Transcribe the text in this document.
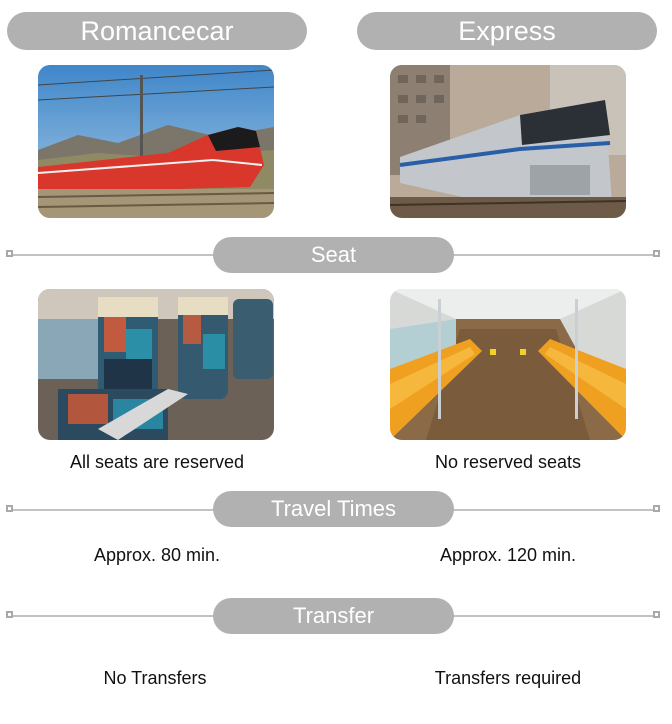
Romancecar	Express
Seat
All seats are reserved	No reserved seats
Travel Times
Approx. 80 min.	Approx. 120 min.
Transfer
No Transfers	Transfers required
